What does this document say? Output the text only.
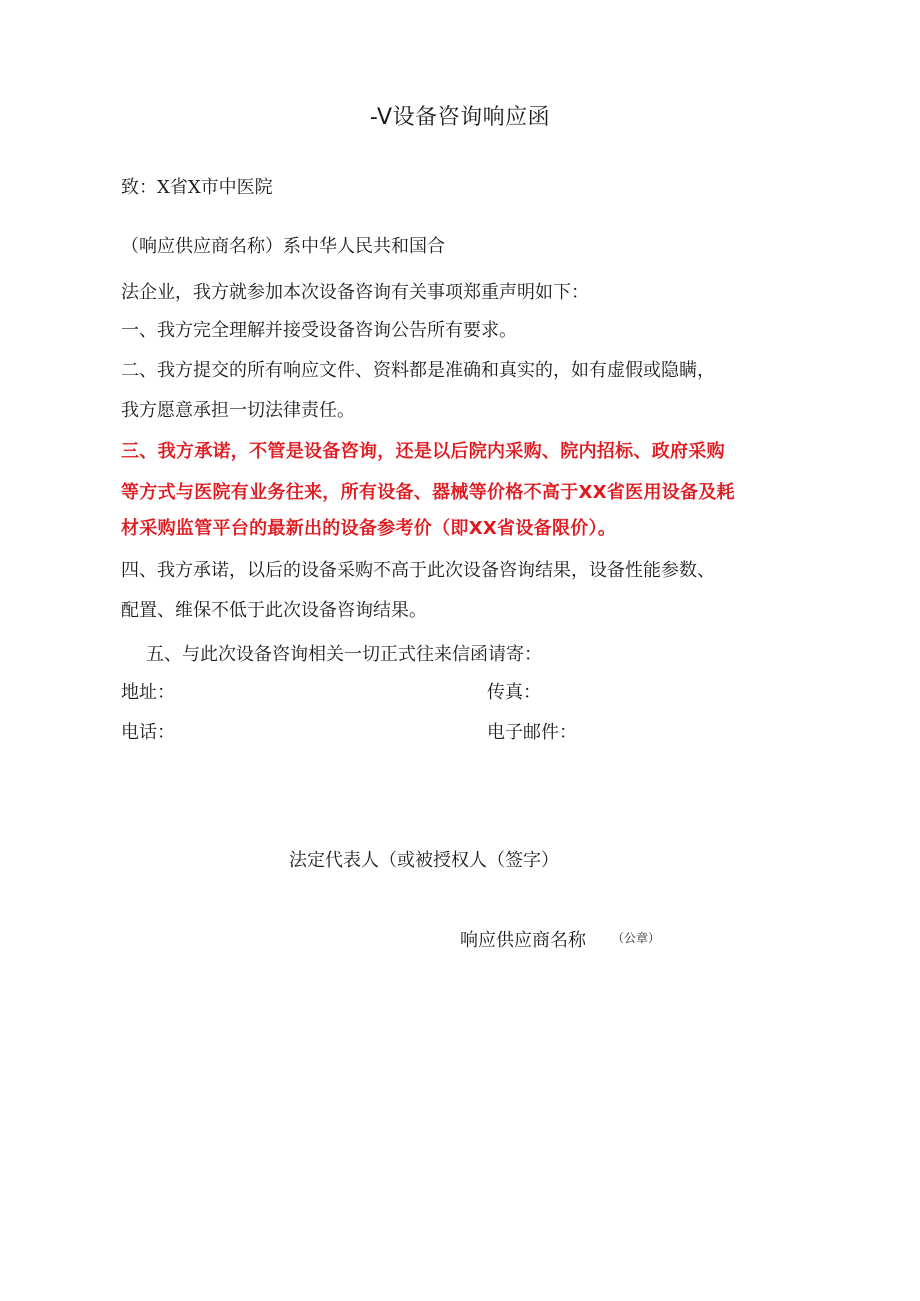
-V设备咨询响应函
致：X省X市中医院
（响应供应商名称）系中华人民共和国合
法企业，我方就参加本次设备咨询有关事项郑重声明如下：
一、我方完全理解并接受设备咨询公告所有要求。
二、我方提交的所有响应文件、资料都是准确和真实的，如有虚假或隐瞒，
我方愿意承担一切法律责任。
三、我方承诺，不管是设备咨询，还是以后院内采购、院内招标、政府采购
等方式与医院有业务往来，所有设备、器械等价格不高于XX省医用设备及耗
材采购监管平台的最新出的设备参考价（即XX省设备限价）。
四、我方承诺，以后的设备采购不高于此次设备咨询结果，设备性能参数、
配置、维保不低于此次设备咨询结果。
五、与此次设备咨询相关一切正式往来信函请寄：
地址：	传真：
电话：	电子邮件：
法定代表人（或被授权人（签字）
响应供应商名称 （公章）
